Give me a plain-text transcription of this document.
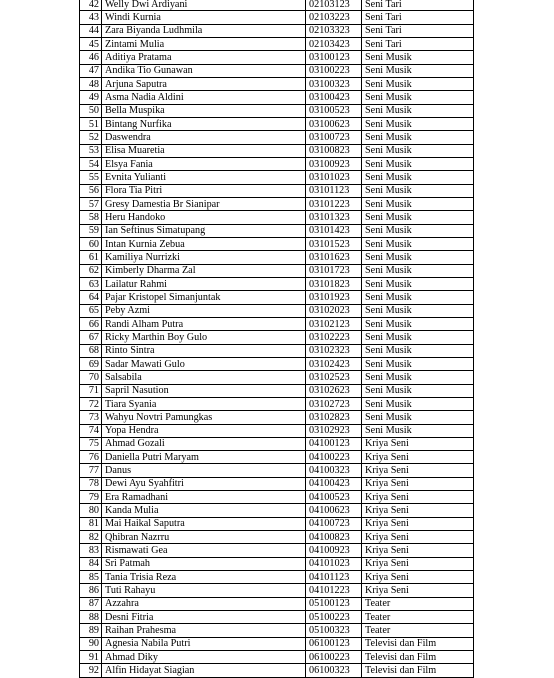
42	Welly Dwi Ardiyani	02103123	Seni Tari
43	Windi Kurnia	02103223	Seni Tari
44	Zara Biyanda Ludhmila	02103323	Seni Tari
45	Zintami Mulia	02103423	Seni Tari
46	Aditiya Pratama	03100123	Seni Musik
47	Andika Tio Gunawan	03100223	Seni Musik
48	Arjuna Saputra	03100323	Seni Musik
49	Asma Nadia Aldini	03100423	Seni Musik
50	Bella Muspika	03100523	Seni Musik
51	Bintang Nurfika	03100623	Seni Musik
52	Daswendra	03100723	Seni Musik
53	Elisa Muaretia	03100823	Seni Musik
54	Elsya Fania	03100923	Seni Musik
55	Evnita Yulianti	03101023	Seni Musik
56	Flora Tia Pitri	03101123	Seni Musik
57	Gresy Damestia Br Sianipar	03101223	Seni Musik
58	Heru Handoko	03101323	Seni Musik
59	Ian Seftinus Simatupang	03101423	Seni Musik
60	Intan Kurnia Zebua	03101523	Seni Musik
61	Kamiliya Nurrizki	03101623	Seni Musik
62	Kimberly Dharma Zal	03101723	Seni Musik
63	Lailatur Rahmi	03101823	Seni Musik
64	Pajar Kristopel Simanjuntak	03101923	Seni Musik
65	Peby Azmi	03102023	Seni Musik
66	Randi Alham Putra	03102123	Seni Musik
67	Ricky Marthin Boy Gulo	03102223	Seni Musik
68	Rinto Sintra	03102323	Seni Musik
69	Sadar Mawati Gulo	03102423	Seni Musik
70	Salsabila	03102523	Seni Musik
71	Sapril Nasution	03102623	Seni Musik
72	Tiara Syania	03102723	Seni Musik
73	Wahyu Novtri Pamungkas	03102823	Seni Musik
74	Yopa Hendra	03102923	Seni Musik
75	Ahmad Gozali	04100123	Kriya Seni
76	Daniella Putri Maryam	04100223	Kriya Seni
77	Danus	04100323	Kriya Seni
78	Dewi Ayu Syahfitri	04100423	Kriya Seni
79	Era Ramadhani	04100523	Kriya Seni
80	Kanda Mulia	04100623	Kriya Seni
81	Mai Haikal Saputra	04100723	Kriya Seni
82	Qhibran Nazrru	04100823	Kriya Seni
83	Rismawati Gea	04100923	Kriya Seni
84	Sri Patmah	04101023	Kriya Seni
85	Tania Trisia Reza	04101123	Kriya Seni
86	Tuti Rahayu	04101223	Kriya Seni
87	Azzahra	05100123	Teater
88	Desni Fitria	05100223	Teater
89	Raihan Prahesma	05100323	Teater
90	Agnesia Nabila Putri	06100123	Televisi dan Film
91	Ahmad Diky	06100223	Televisi dan Film
92	Alfin Hidayat Siagian	06100323	Televisi dan Film
